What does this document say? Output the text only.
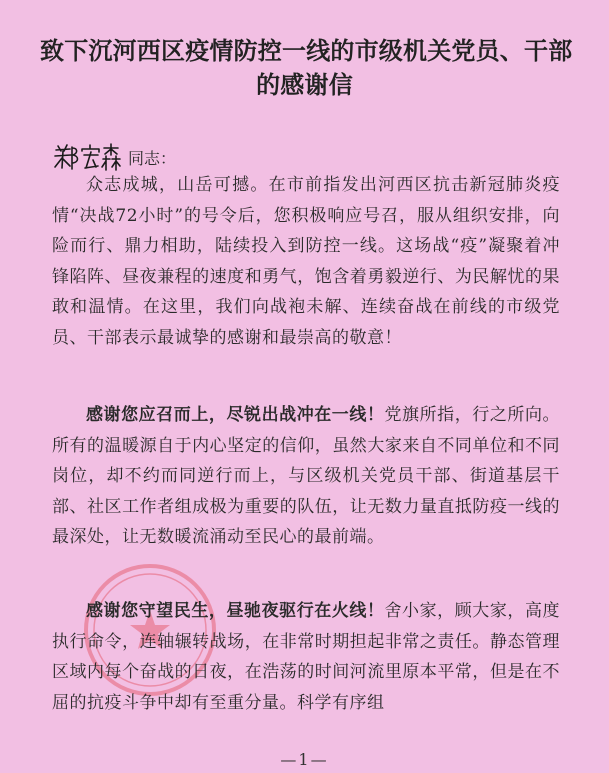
致下沉河西区疫情防控一线的市级机关党员、干部
的感谢信
同志：
众志成城，山岳可撼。在市前指发出河西区抗击新冠肺炎疫情“决战72小时”的号令后，您积极响应号召，服从组织安排，向险而行、鼎力相助，陆续投入到防控一线。这场战“疫”凝聚着冲锋陷阵、昼夜兼程的速度和勇气，饱含着勇毅逆行、为民解忧的果敢和温情。在这里，我们向战袍未解、连续奋战在前线的市级党员、干部表示最诚挚的感谢和最崇高的敬意！
感谢您应召而上，尽锐出战冲在一线！党旗所指，行之所向。所有的温暖源自于内心坚定的信仰，虽然大家来自不同单位和不同岗位，却不约而同逆行而上，与区级机关党员干部、街道基层干部、社区工作者组成极为重要的队伍，让无数力量直抵防疫一线的最深处，让无数暖流涌动至民心的最前端。
感谢您守望民生，昼驰夜驱行在火线！舍小家，顾大家，高度执行命令，连轴辗转战场，在非常时期担起非常之责任。静态管理区域内每个奋战的日夜，在浩荡的时间河流里原本平常，但是在不屈的抗疫斗争中却有至重分量。科学有序组
—1—
